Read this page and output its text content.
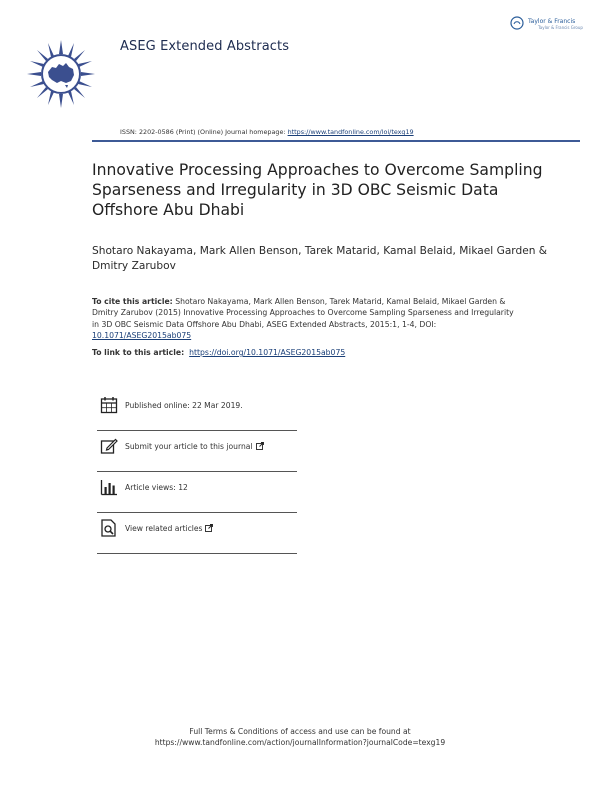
ASEG Extended Abstracts
Taylor & Francis
Taylor & Francis Group
ISSN: 2202-0586 (Print) (Online) Journal homepage: https://www.tandfonline.com/loi/texg19
Innovative Processing Approaches to Overcome Sampling Sparseness and Irregularity in 3D OBC Seismic Data Offshore Abu Dhabi
Shotaro Nakayama, Mark Allen Benson, Tarek Matarid, Kamal Belaid, Mikael Garden & Dmitry Zarubov
To cite this article: Shotaro Nakayama, Mark Allen Benson, Tarek Matarid, Kamal Belaid, Mikael Garden & Dmitry Zarubov (2015) Innovative Processing Approaches to Overcome Sampling Sparseness and Irregularity in 3D OBC Seismic Data Offshore Abu Dhabi, ASEG Extended Abstracts, 2015:1, 1-4, DOI: 10.1071/ASEG2015ab075
To link to this article: https://doi.org/10.1071/ASEG2015ab075
Published online: 22 Mar 2019.
Submit your article to this journal
Article views: 12
View related articles
Full Terms & Conditions of access and use can be found at
https://www.tandfonline.com/action/journalInformation?journalCode=texg19
